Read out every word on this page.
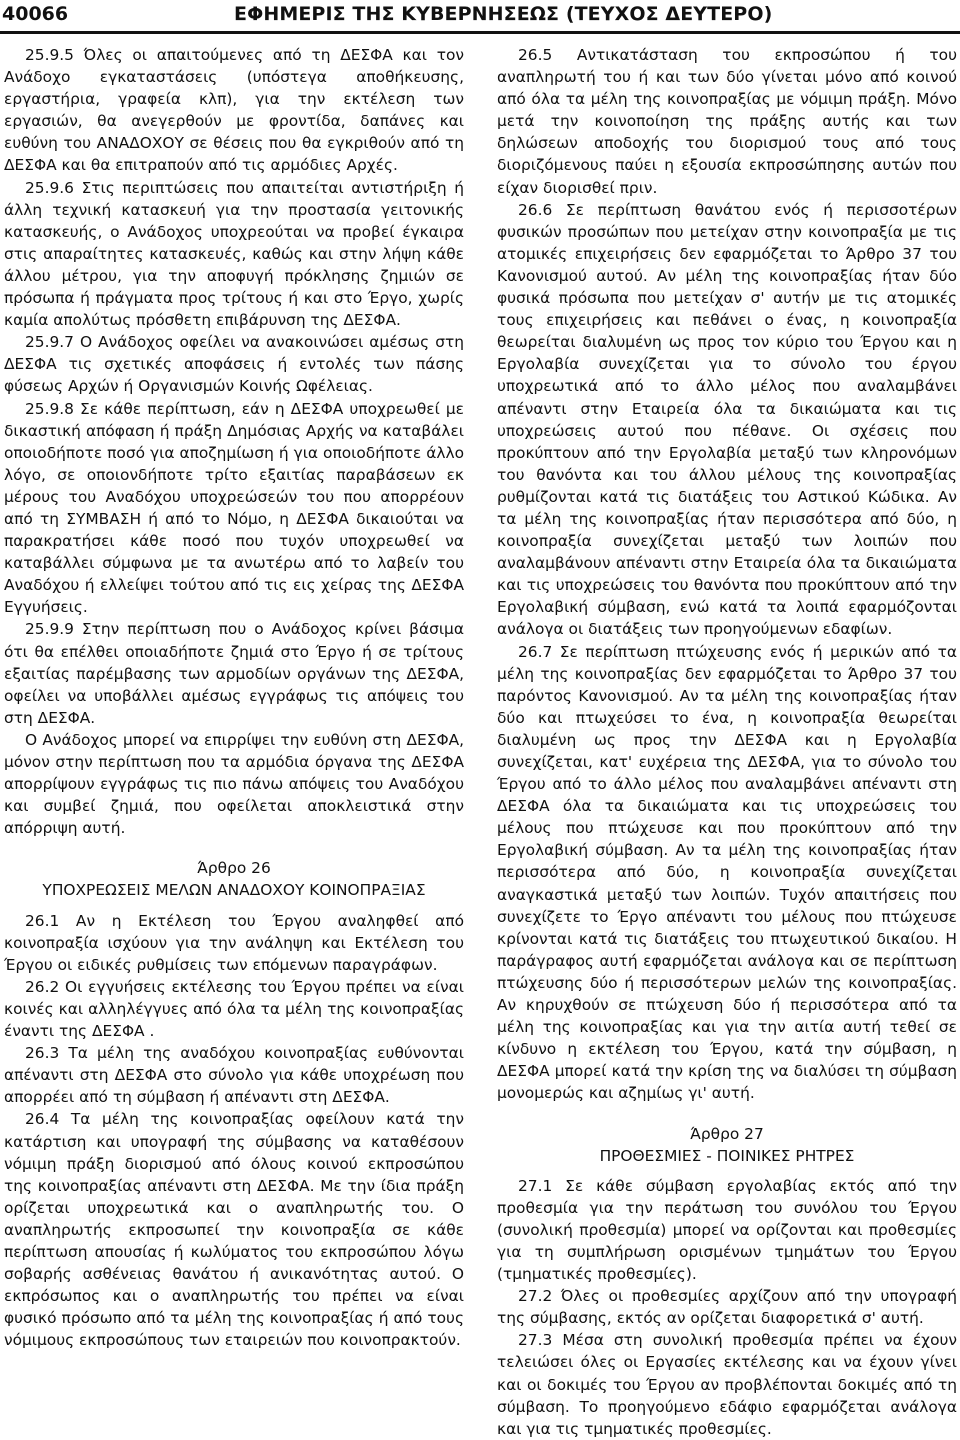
40066	ΕΦΗΜΕΡΙΣ ΤΗΣ ΚΥΒΕΡΝΗΣΕΩΣ (ΤΕΥΧΟΣ ΔΕΥΤΕΡΟ)

25.9.5 Όλες οι απαιτούμενες από τη ΔΕΣΦΑ και τον Ανάδοχο εγκαταστάσεις (υπόστεγα αποθήκευσης, εργαστήρια, γραφεία κλπ), για την εκτέλεση των εργασιών, θα ανεγερθούν με φροντίδα, δαπάνες και ευθύνη του ΑΝΑΔΟΧΟΥ σε θέσεις που θα εγκριθούν από τη ΔΕΣΦΑ και θα επιτραπούν από τις αρμόδιες Αρχές.

25.9.6 Στις περιπτώσεις που απαιτείται αντιστήριξη ή άλλη τεχνική κατασκευή για την προστασία γειτονικής κατασκευής, ο Ανάδοχος υποχρεούται να προβεί έγκαιρα στις απαραίτητες κατασκευές, καθώς και στην λήψη κάθε άλλου μέτρου, για την αποφυγή πρόκλησης ζημιών σε πρόσωπα ή πράγματα προς τρίτους ή και στο Έργο, χωρίς καμία απολύτως πρόσθετη επιβάρυνση της ΔΕΣΦΑ.

25.9.7 Ο Ανάδοχος οφείλει να ανακοινώσει αμέσως στη ΔΕΣΦΑ τις σχετικές αποφάσεις ή εντολές των πάσης φύσεως Αρχών ή Οργανισμών Κοινής Ωφέλειας.

25.9.8 Σε κάθε περίπτωση, εάν η ΔΕΣΦΑ υποχρεωθεί με δικαστική απόφαση ή πράξη Δημόσιας Αρχής να καταβάλει οποιοδήποτε ποσό για αποζημίωση ή για οποιοδήποτε άλλο λόγο, σε οποιονδήποτε τρίτο εξαιτίας παραβάσεων εκ μέρους του Αναδόχου υποχρεώσεών του που απορρέουν από τη ΣΥΜΒΑΣΗ ή από το Νόμο, η ΔΕΣΦΑ δικαιούται να παρακρατήσει κάθε ποσό που τυχόν υποχρεωθεί να καταβάλλει σύμφωνα με τα ανωτέρω από το λαβείν του Αναδόχου ή ελλείψει τούτου από τις εις χείρας της ΔΕΣΦΑ Εγγυήσεις.

25.9.9 Στην περίπτωση που ο Ανάδοχος κρίνει βάσιμα ότι θα επέλθει οποιαδήποτε ζημιά στο Έργο ή σε τρίτους εξαιτίας παρέμβασης των αρμοδίων οργάνων της ΔΕΣΦΑ, οφείλει να υποβάλλει αμέσως εγγράφως τις απόψεις του στη ΔΕΣΦΑ.

Ο Ανάδοχος μπορεί να επιρρίψει την ευθύνη στη ΔΕΣΦΑ, μόνον στην περίπτωση που τα αρμόδια όργανα της ΔΕΣΦΑ απορρίψουν εγγράφως τις πιο πάνω απόψεις του Αναδόχου και συμβεί ζημιά, που οφείλεται αποκλειστικά στην απόρριψη αυτή.

Άρθρο 26

ΥΠΟΧΡΕΩΣΕΙΣ ΜΕΛΩΝ ΑΝΑΔΟΧΟΥ ΚΟΙΝΟΠΡΑΞΙΑΣ

26.1 Αν η Εκτέλεση του Έργου αναληφθεί από κοινοπραξία ισχύουν για την ανάληψη και Εκτέλεση του Έργου οι ειδικές ρυθμίσεις των επόμενων παραγράφων.

26.2 Οι εγγυήσεις εκτέλεσης του Έργου πρέπει να είναι κοινές και αλληλέγγυες από όλα τα μέλη της κοινοπραξίας έναντι της ΔΕΣΦΑ .

26.3 Τα μέλη της αναδόχου κοινοπραξίας ευθύνονται απέναντι στη ΔΕΣΦΑ στο σύνολο για κάθε υποχρέωση που απορρέει από τη σύμβαση ή απέναντι στη ΔΕΣΦΑ.

26.4 Τα μέλη της κοινοπραξίας οφείλουν κατά την κατάρτιση και υπογραφή της σύμβασης να καταθέσουν νόμιμη πράξη διορισμού από όλους κοινού εκπροσώπου της κοινοπραξίας απέναντι στη ΔΕΣΦΑ. Με την ίδια πράξη ορίζεται υποχρεωτικά και ο αναπληρωτής του. Ο αναπληρωτής εκπροσωπεί την κοινοπραξία σε κάθε περίπτωση απουσίας ή κωλύματος του εκπροσώπου λόγω σοβαρής ασθένειας θανάτου ή ανικανότητας αυτού. Ο εκπρόσωπος και ο αναπληρωτής του πρέπει να είναι φυσικό πρόσωπο από τα μέλη της κοινοπραξίας ή από τους νόμιμους εκπροσώπους των εταιρειών που κοινοπρακτούν.

26.5 Αντικατάσταση του εκπροσώπου ή του αναπληρωτή του ή και των δύο γίνεται μόνο από κοινού από όλα τα μέλη της κοινοπραξίας με νόμιμη πράξη. Μόνο μετά την κοινοποίηση της πράξης αυτής και των δηλώσεων αποδοχής του διορισμού τους από τους διοριζόμενους παύει η εξουσία εκπροσώπησης αυτών που είχαν διορισθεί πριν.

26.6 Σε περίπτωση θανάτου ενός ή περισσοτέρων φυσικών προσώπων που μετείχαν στην κοινοπραξία με τις ατομικές επιχειρήσεις δεν εφαρμόζεται το Άρθρο 37 του Κανονισμού αυτού. Αν μέλη της κοινοπραξίας ήταν δύο φυσικά πρόσωπα που μετείχαν σ' αυτήν με τις ατομικές τους επιχειρήσεις και πεθάνει ο ένας, η κοινοπραξία θεωρείται διαλυμένη ως προς τον κύριο του Έργου και η Εργολαβία συνεχίζεται για το σύνολο του έργου υποχρεωτικά από το άλλο μέλος που αναλαμβάνει απέναντι στην Εταιρεία όλα τα δικαιώματα και τις υποχρεώσεις αυτού που πέθανε. Οι σχέσεις που προκύπτουν από την Εργολαβία μεταξύ των κληρονόμων του θανόντα και του άλλου μέλους της κοινοπραξίας ρυθμίζονται κατά τις διατάξεις του Αστικού Κώδικα. Αν τα μέλη της κοινοπραξίας ήταν περισσότερα από δύο, η κοινοπραξία συνεχίζεται μεταξύ των λοιπών που αναλαμβάνουν απέναντι στην Εταιρεία όλα τα δικαιώματα και τις υποχρεώσεις του θανόντα που προκύπτουν από την Εργολαβική σύμβαση, ενώ κατά τα λοιπά εφαρμόζονται ανάλογα οι διατάξεις των προηγούμενων εδαφίων.

26.7 Σε περίπτωση πτώχευσης ενός ή μερικών από τα μέλη της κοινοπραξίας δεν εφαρμόζεται το Άρθρο 37 του παρόντος Κανονισμού. Αν τα μέλη της κοινοπραξίας ήταν δύο και πτωχεύσει το ένα, η κοινοπραξία θεωρείται διαλυμένη ως προς την ΔΕΣΦΑ και η Εργολαβία συνεχίζεται, κατ' ευχέρεια της ΔΕΣΦΑ, για το σύνολο του Έργου από το άλλο μέλος που αναλαμβάνει απέναντι στη ΔΕΣΦΑ όλα τα δικαιώματα και τις υποχρεώσεις του μέλους που πτώχευσε και που προκύπτουν από την Εργολαβική σύμβαση. Αν τα μέλη της κοινοπραξίας ήταν περισσότερα από δύο, η κοινοπραξία συνεχίζεται αναγκαστικά μεταξύ των λοιπών. Τυχόν απαιτήσεις που συνεχίζετε το Έργο απέναντι του μέλους που πτώχευσε κρίνονται κατά τις διατάξεις του πτωχευτικού δικαίου. Η παράγραφος αυτή εφαρμόζεται ανάλογα και σε περίπτωση πτώχευσης δύο ή περισσότερων μελών της κοινοπραξίας. Αν κηρυχθούν σε πτώχευση δύο ή περισσότερα από τα μέλη της κοινοπραξίας και για την αιτία αυτή τεθεί σε κίνδυνο η εκτέλεση του Έργου, κατά την σύμβαση, η ΔΕΣΦΑ μπορεί κατά την κρίση της να διαλύσει τη σύμβαση μονομερώς και αζημίως γι' αυτή.

Άρθρο 27

ΠΡΟΘΕΣΜΙΕΣ - ΠΟΙΝΙΚΕΣ ΡΗΤΡΕΣ

27.1 Σε κάθε σύμβαση εργολαβίας εκτός από την προθεσμία για την περάτωση του συνόλου του Έργου (συνολική προθεσμία) μπορεί να ορίζονται και προθεσμίες για τη συμπλήρωση ορισμένων τμημάτων του Έργου (τμηματικές προθεσμίες).

27.2 Όλες οι προθεσμίες αρχίζουν από την υπογραφή της σύμβασης, εκτός αν ορίζεται διαφορετικά σ' αυτή.

27.3 Μέσα στη συνολική προθεσμία πρέπει να έχουν τελειώσει όλες οι Εργασίες εκτέλεσης και να έχουν γίνει και οι δοκιμές του Έργου αν προβλέπονται δοκιμές από τη σύμβαση. Το προηγούμενο εδάφιο εφαρμόζεται ανάλογα και για τις τμηματικές προθεσμίες.
